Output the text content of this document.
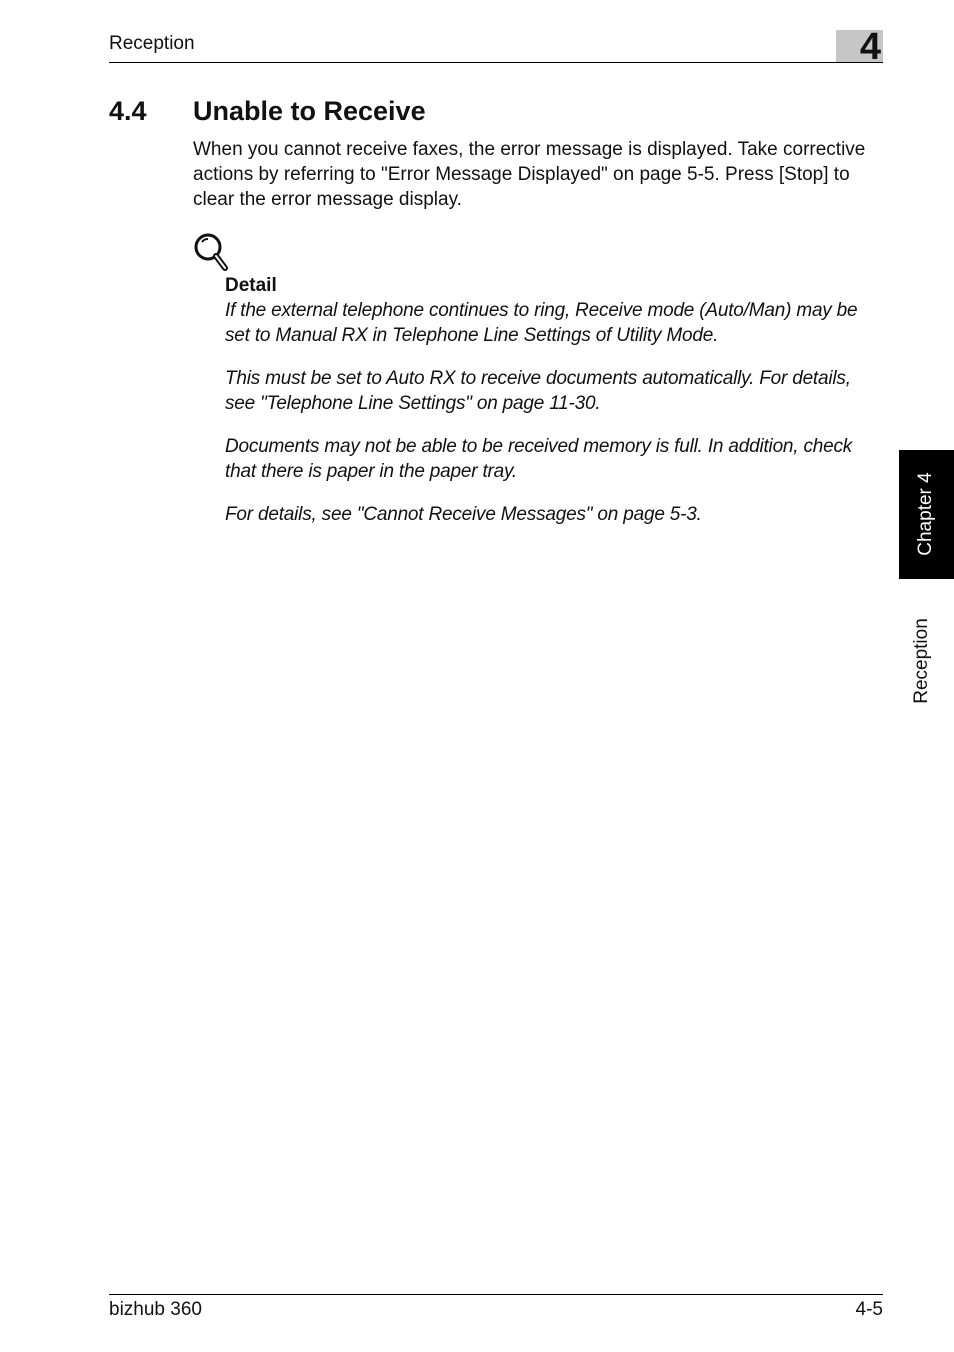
Reception	4
4.4 Unable to Receive

When you cannot receive faxes, the error message is displayed. Take corrective actions by referring to "Error Message Displayed" on page 5-5. Press [Stop] to clear the error message display.

Detail

If the external telephone continues to ring, Receive mode (Auto/Man) may be set to Manual RX in Telephone Line Settings of Utility Mode.

This must be set to Auto RX to receive documents automatically. For details, see "Telephone Line Settings" on page 11-30.

Documents may not be able to be received memory is full. In addition, check that there is paper in the paper tray.

For details, see "Cannot Receive Messages" on page 5-3.	Chapter 4
Reception
bizhub 360	4-5
